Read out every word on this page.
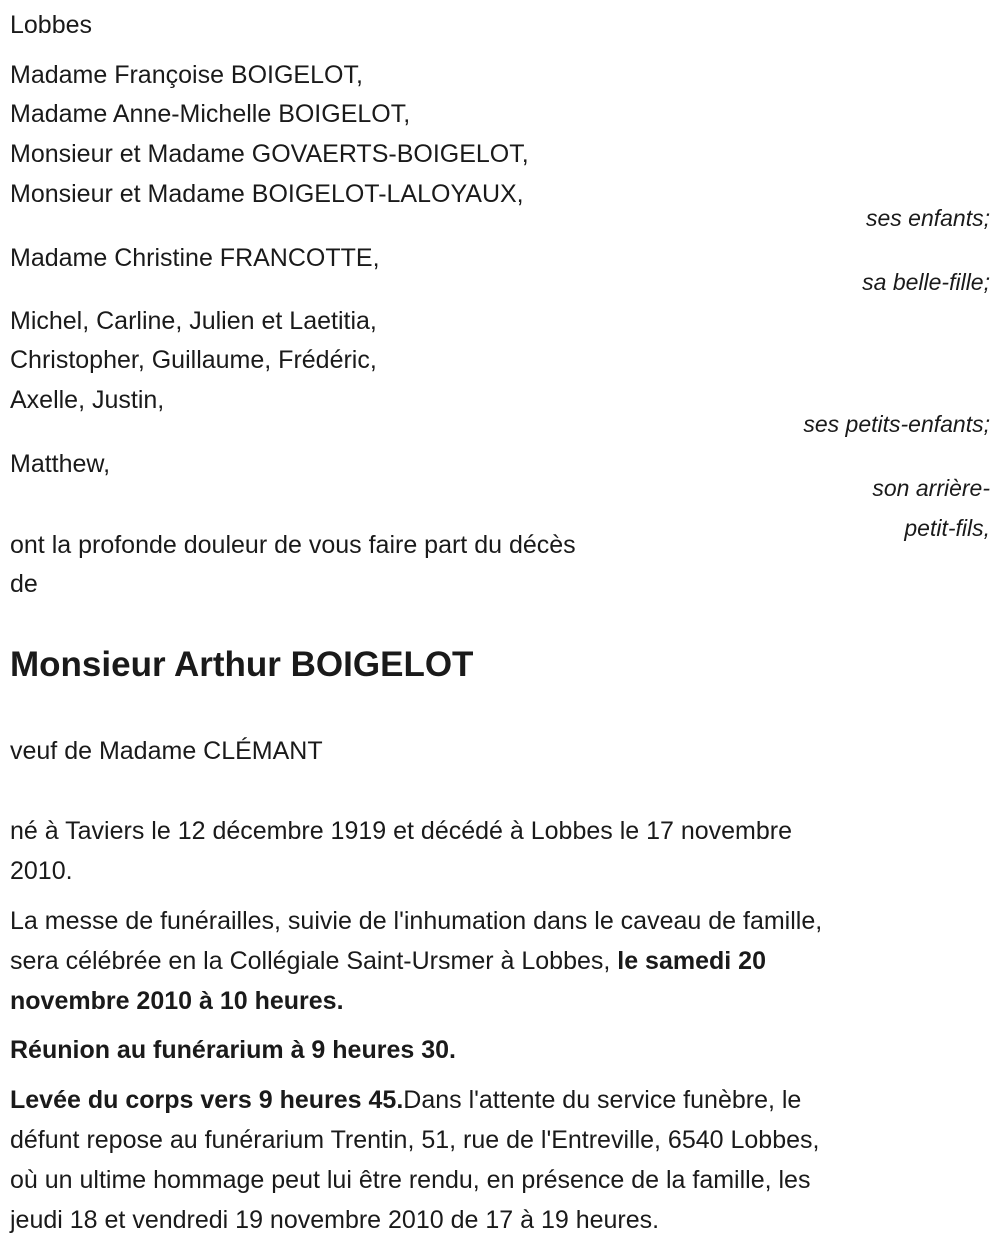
Lobbes
Madame Françoise BOIGELOT,
Madame Anne-Michelle BOIGELOT,
Monsieur et Madame GOVAERTS-BOIGELOT,
Monsieur et Madame BOIGELOT-LALOYAUX,
ses enfants;
Madame Christine FRANCOTTE,
sa belle-fille;
Michel, Carline, Julien et Laetitia,
Christopher, Guillaume, Frédéric,
Axelle, Justin,
ses petits-enfants;
Matthew,
son arrière-
petit-fils,
ont la profonde douleur de vous faire part du décès
de
Monsieur Arthur BOIGELOT
veuf de Madame CLÉMANT
né à Taviers le 12 décembre 1919 et décédé à Lobbes le 17 novembre
2010.
La messe de funérailles, suivie de l'inhumation dans le caveau de famille,
sera célébrée en la Collégiale Saint-Ursmer à Lobbes, le samedi 20
novembre 2010 à 10 heures.
Réunion au funérarium à 9 heures 30.
Levée du corps vers 9 heures 45.Dans l'attente du service funèbre, le
défunt repose au funérarium Trentin, 51, rue de l'Entreville, 6540 Lobbes,
où un ultime hommage peut lui être rendu, en présence de la famille, les
jeudi 18 et vendredi 19 novembre 2010 de 17 à 19 heures.
